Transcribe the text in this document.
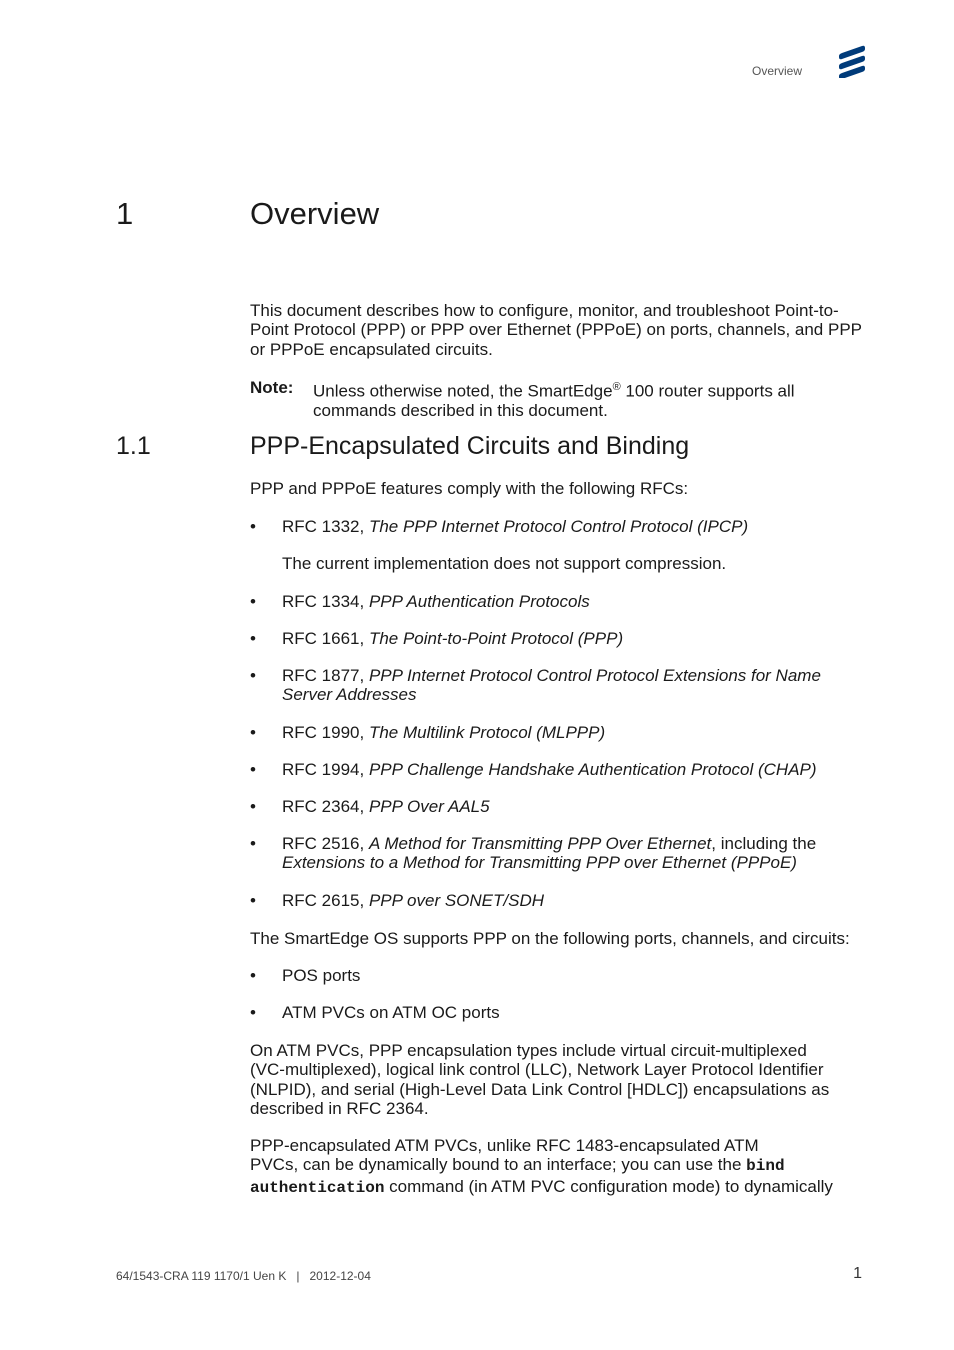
Overview
1	Overview
This document describes how to configure, monitor, and troubleshoot Point-to-Point Protocol (PPP) or PPP over Ethernet (PPPoE) on ports, channels, and PPP or PPPoE encapsulated circuits.
Note: Unless otherwise noted, the SmartEdge® 100 router supports all commands described in this document.
1.1	PPP-Encapsulated Circuits and Binding
PPP and PPPoE features comply with the following RFCs:
• RFC 1332, The PPP Internet Protocol Control Protocol (IPCP)
The current implementation does not support compression.
• RFC 1334, PPP Authentication Protocols
• RFC 1661, The Point-to-Point Protocol (PPP)
• RFC 1877, PPP Internet Protocol Control Protocol Extensions for Name Server Addresses
• RFC 1990, The Multilink Protocol (MLPPP)
• RFC 1994, PPP Challenge Handshake Authentication Protocol (CHAP)
• RFC 2364, PPP Over AAL5
• RFC 2516, A Method for Transmitting PPP Over Ethernet, including the Extensions to a Method for Transmitting PPP over Ethernet (PPPoE)
• RFC 2615, PPP over SONET/SDH
The SmartEdge OS supports PPP on the following ports, channels, and circuits:
• POS ports
• ATM PVCs on ATM OC ports
On ATM PVCs, PPP encapsulation types include virtual circuit-multiplexed (VC-multiplexed), logical link control (LLC), Network Layer Protocol Identifier (NLPID), and serial (High-Level Data Link Control [HDLC]) encapsulations as described in RFC 2364.
PPP-encapsulated ATM PVCs, unlike RFC 1483-encapsulated ATM
PVCs, can be dynamically bound to an interface; you can use the bind
authentication command (in ATM PVC configuration mode) to dynamically
64/1543-CRA 119 1170/1 Uen K | 2012-12-04	1
